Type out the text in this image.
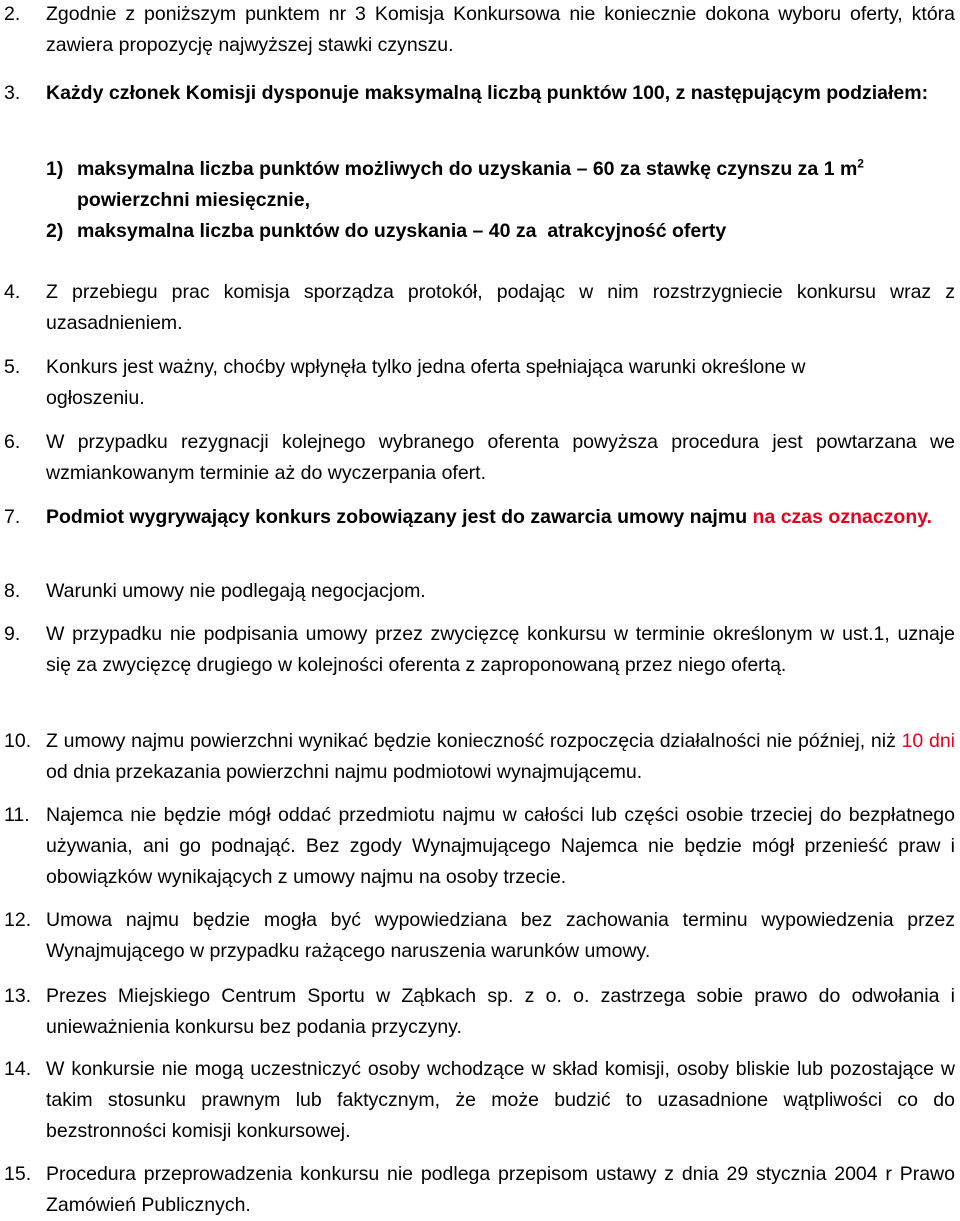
2.	Zgodnie z poniższym punktem nr 3 Komisja Konkursowa nie koniecznie dokona wyboru oferty, która zawiera propozycję najwyższej stawki czynszu.
3.	Każdy członek Komisji dysponuje maksymalną liczbą punktów 100, z następującym podziałem:
1) maksymalna liczba punktów możliwych do uzyskania – 60 za stawkę czynszu za 1 $m^2$
powierzchni miesięcznie,
2) maksymalna liczba punktów do uzyskania – 40 za  atrakcyjność oferty
4.	Z przebiegu prac komisja sporządza protokół, podając w nim rozstrzygniecie konkursu wraz z uzasadnieniem.
5.	Konkurs jest ważny, choćby wpłynęła tylko jedna oferta spełniająca warunki określone w ogłoszeniu.
6.	W przypadku rezygnacji kolejnego wybranego oferenta powyższa procedura jest powtarzana we wzmiankowanym terminie aż do wyczerpania ofert.
7.	Podmiot wygrywający konkurs zobowiązany jest do zawarcia umowy najmu na czas oznaczony.
8.	Warunki umowy nie podlegają negocjacjom.
9.	W przypadku nie podpisania umowy przez zwycięzcę konkursu w terminie określonym w ust.1, uznaje się za zwycięzcę drugiego w kolejności oferenta z zaproponowaną przez niego ofertą.
10. Z umowy najmu powierzchni wynikać będzie konieczność rozpoczęcia działalności nie później, niż 10 dni od dnia przekazania powierzchni najmu podmiotowi wynajmującemu.
11. Najemca nie będzie mógł oddać przedmiotu najmu w całości lub części osobie trzeciej do bezpłatnego używania, ani go podnająć. Bez zgody Wynajmującego Najemca nie będzie mógł przenieść praw i obowiązków wynikających z umowy najmu na osoby trzecie.
12. Umowa najmu będzie mogła być wypowiedziana bez zachowania terminu wypowiedzenia przez Wynajmującego w przypadku rażącego naruszenia warunków umowy.
13. Prezes Miejskiego Centrum Sportu w Ząbkach sp. z o. o. zastrzega sobie prawo do odwołania i unieważnienia konkursu bez podania przyczyny.
14. W konkursie nie mogą uczestniczyć osoby wchodzące w skład komisji, osoby bliskie lub pozostające w takim stosunku prawnym lub faktycznym, że może budzić to uzasadnione wątpliwości co do bezstronności komisji konkursowej.
15. Procedura przeprowadzenia konkursu nie podlega przepisom ustawy z dnia 29 stycznia 2004 r Prawo Zamówień Publicznych.
